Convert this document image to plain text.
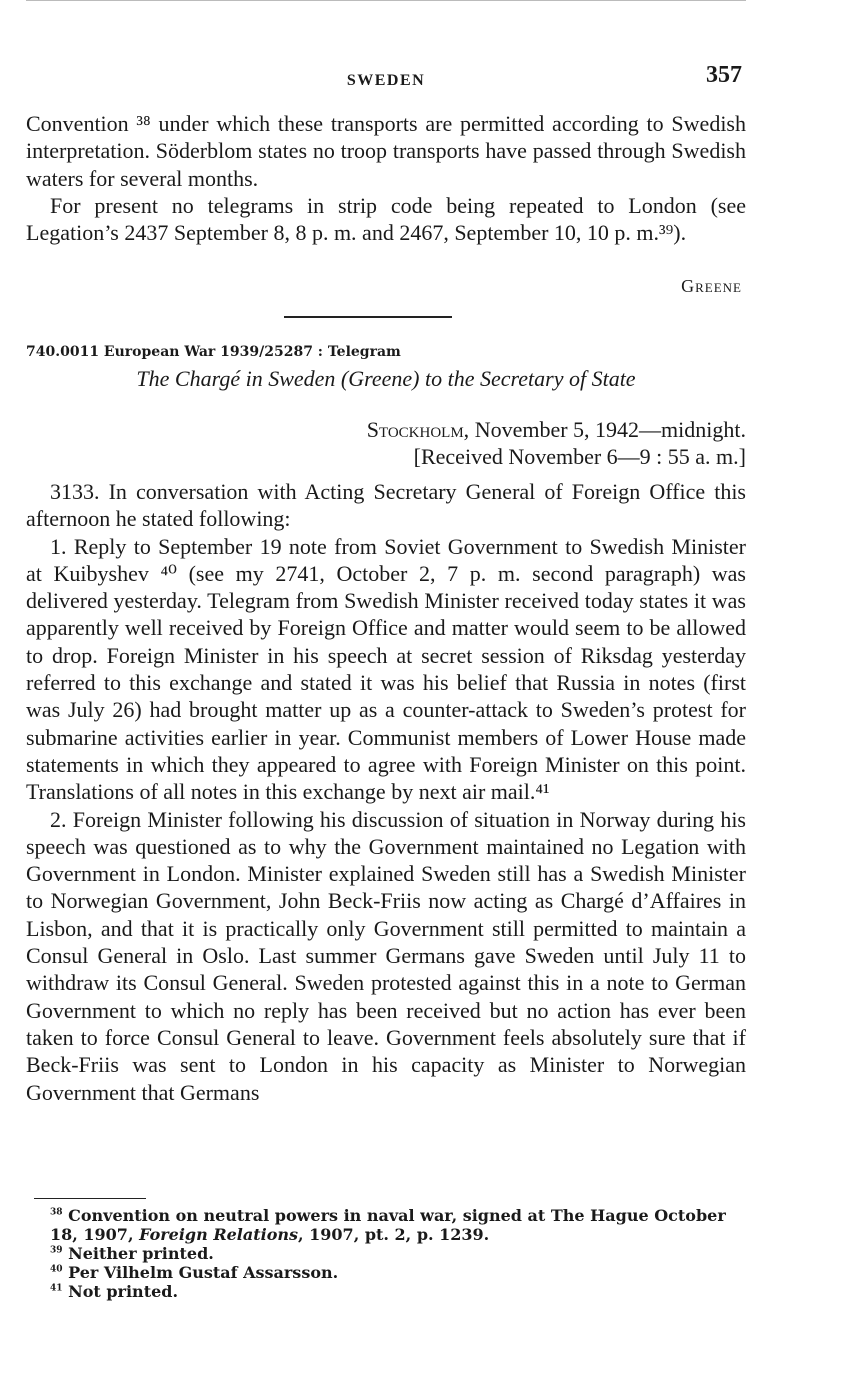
SWEDEN	357

Convention ³⁸ under which these transports are permitted according to Swedish interpretation. Söderblom states no troop transports have passed through Swedish waters for several months.

For present no telegrams in strip code being repeated to London (see Legation’s 2437 September 8, 8 p. m. and 2467, September 10, 10 p. m.³⁹).

Greene
740.0011 European War 1939/25287 : Telegram
The Chargé in Sweden (Greene) to the Secretary of State
Stockholm, November 5, 1942—midnight.
[Received November 6—9 : 55 a. m.]

3133. In conversation with Acting Secretary General of Foreign Office this afternoon he stated following:

1. Reply to September 19 note from Soviet Government to Swedish Minister at Kuibyshev ⁴⁰ (see my 2741, October 2, 7 p. m. second paragraph) was delivered yesterday. Telegram from Swedish Minister received today states it was apparently well received by Foreign Office and matter would seem to be allowed to drop. Foreign Minister in his speech at secret session of Riksdag yesterday referred to this exchange and stated it was his belief that Russia in notes (first was July 26) had brought matter up as a counter-attack to Sweden’s protest for submarine activities earlier in year. Communist members of Lower House made statements in which they appeared to agree with Foreign Minister on this point. Translations of all notes in this exchange by next air mail.⁴¹

2. Foreign Minister following his discussion of situation in Norway during his speech was questioned as to why the Government maintained no Legation with Government in London. Minister explained Sweden still has a Swedish Minister to Norwegian Government, John Beck-Friis now acting as Chargé d’Affaires in Lisbon, and that it is practically only Government still permitted to maintain a Consul General in Oslo. Last summer Germans gave Sweden until July 11 to withdraw its Consul General. Sweden protested against this in a note to German Government to which no reply has been received but no action has ever been taken to force Consul General to leave. Government feels absolutely sure that if Beck-Friis was sent to London in his capacity as Minister to Norwegian Government that Germans

$^{38}$ Convention on neutral powers in naval war, signed at The Hague October 18, 1907, Foreign Relations, 1907, pt. 2, p. 1239.

$^{39}$ Neither printed.

$^{40}$ Per Vilhelm Gustaf Assarsson.

$^{41}$ Not printed.
